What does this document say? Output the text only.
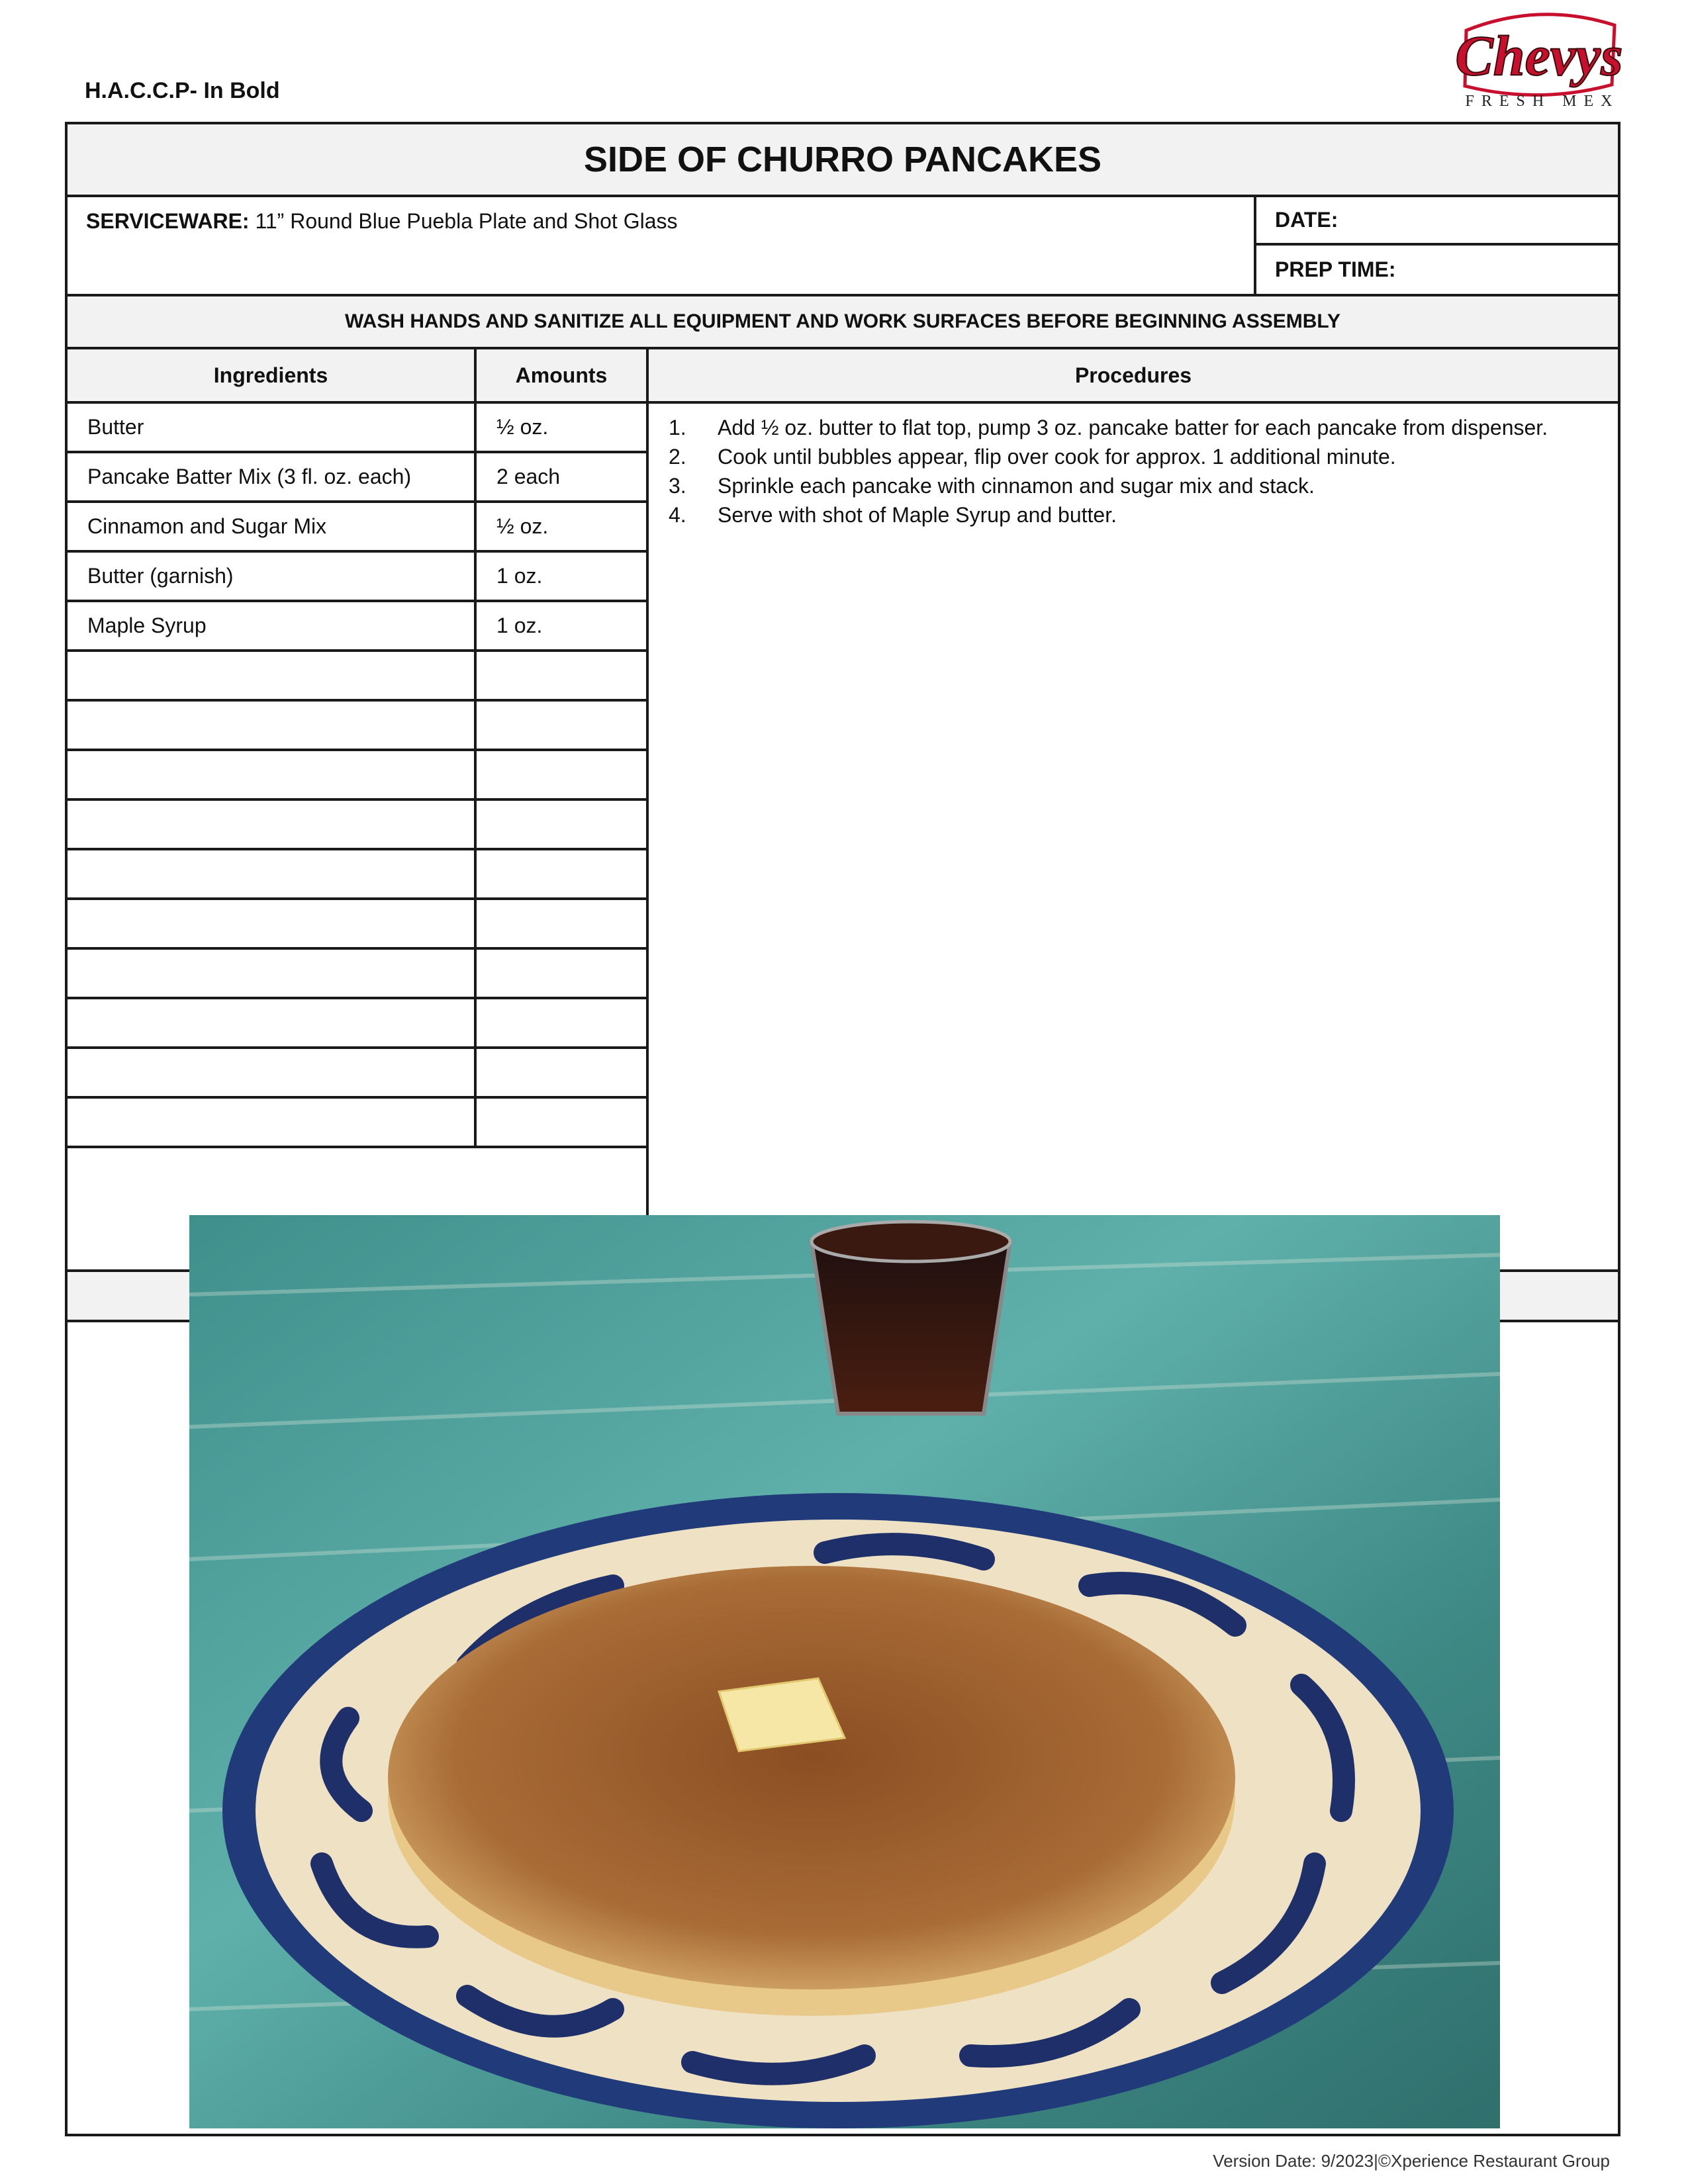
H.A.C.C.P- In Bold
Chevys
FRESH MEX
SIDE OF CHURRO PANCAKES
SERVICEWARE: 11” Round Blue Puebla Plate and Shot Glass	DATE:
PREP TIME:
WASH HANDS AND SANITIZE ALL EQUIPMENT AND WORK SURFACES BEFORE BEGINNING ASSEMBLY
Ingredients	Amounts	Procedures
Butter	½ oz.
Pancake Batter Mix (3 fl. oz. each)	2 each
Cinnamon and Sugar Mix	½ oz.
Butter (garnish)	1 oz.
Maple Syrup	1 oz.
1. Add ½ oz. butter to flat top, pump 3 oz. pancake batter for each pancake from dispenser.
2. Cook until bubbles appear, flip over cook for approx. 1 additional minute.
3. Sprinkle each pancake with cinnamon and sugar mix and stack.
4. Serve with shot of Maple Syrup and butter.
Version Date: 9/2023|©Xperience Restaurant Group
